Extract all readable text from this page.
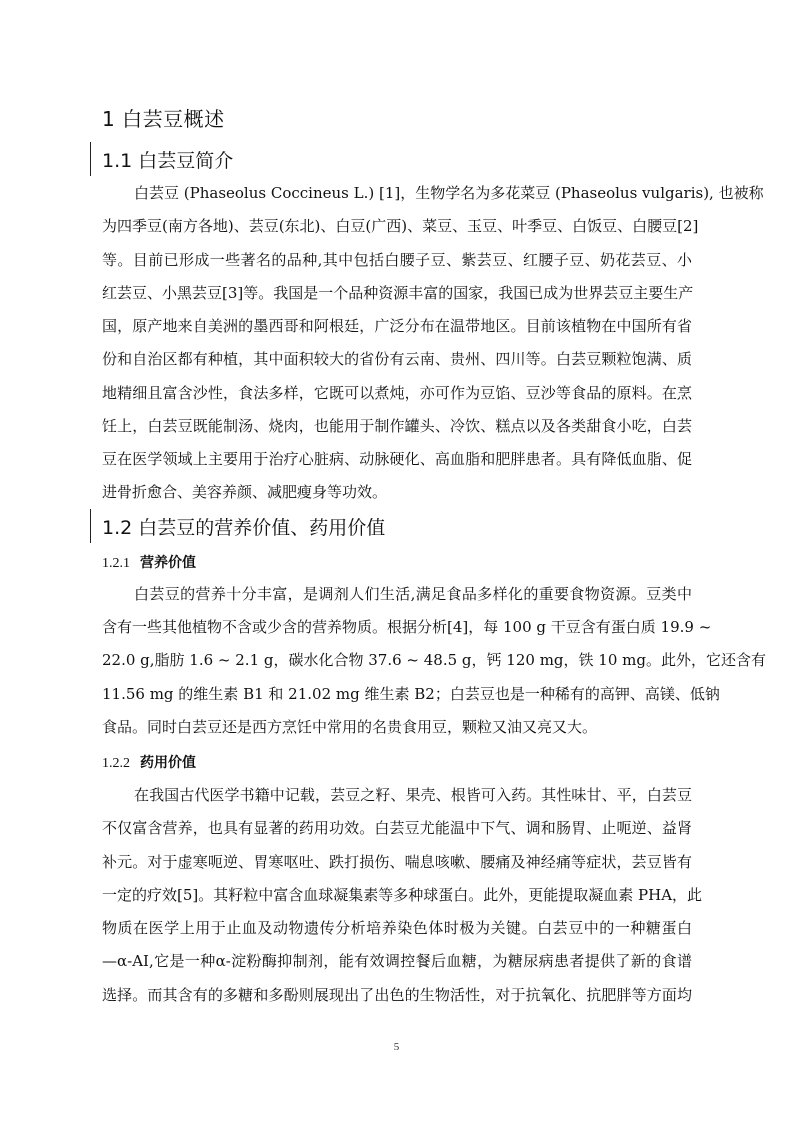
1 白芸豆概述
1.1 白芸豆简介
白芸豆 (Phaseolus Coccineus L.) [1]，生物学名为多花菜豆 (Phaseolus vulgaris), 也被称
为四季豆(南方各地)、芸豆(东北)、白豆(广西)、菜豆、玉豆、叶季豆、白饭豆、白腰豆[2]
等。目前已形成一些著名的品种,其中包括白腰子豆、紫芸豆、红腰子豆、奶花芸豆、小
红芸豆、小黑芸豆[3]等。我国是一个品种资源丰富的国家，我国已成为世界芸豆主要生产
国，原产地来自美洲的墨西哥和阿根廷，广泛分布在温带地区。目前该植物在中国所有省
份和自治区都有种植，其中面积较大的省份有云南、贵州、四川等。白芸豆颗粒饱满、质
地精细且富含沙性，食法多样，它既可以煮炖，亦可作为豆馅、豆沙等食品的原料。在烹
饪上，白芸豆既能制汤、烧肉，也能用于制作罐头、冷饮、糕点以及各类甜食小吃，白芸
豆在医学领域上主要用于治疗心脏病、动脉硬化、高血脂和肥胖患者。具有降低血脂、促
进骨折愈合、美容养颜、减肥瘦身等功效。
1.2 白芸豆的营养价值、药用价值
1.2.1 营养价值
白芸豆的营养十分丰富，是调剂人们生活,满足食品多样化的重要食物资源。豆类中
含有一些其他植物不含或少含的营养物质。根据分析[4]，每 100 g 干豆含有蛋白质 19.9 ~
22.0 g,脂肪 1.6 ~ 2.1 g，碳水化合物 37.6 ~ 48.5 g，钙 120 mg，铁 10 mg。此外，它还含有
11.56 mg 的维生素 B1 和 21.02 mg 维生素 B2；白芸豆也是一种稀有的高钾、高镁、低钠
食品。同时白芸豆还是西方烹饪中常用的名贵食用豆，颗粒又油又亮又大。
1.2.2 药用价值
在我国古代医学书籍中记载，芸豆之籽、果壳、根皆可入药。其性味甘、平，白芸豆
不仅富含营养，也具有显著的药用功效。白芸豆尤能温中下气、调和肠胃、止呃逆、益肾
补元。对于虚寒呃逆、胃寒呕吐、跌打损伤、喘息咳嗽、腰痛及神经痛等症状，芸豆皆有
一定的疗效[5]。其籽粒中富含血球凝集素等多种球蛋白。此外，更能提取凝血素 PHA，此
物质在医学上用于止血及动物遗传分析培养染色体时极为关键。白芸豆中的一种糖蛋白
—α-AI,它是一种α-淀粉酶抑制剂，能有效调控餐后血糖，为糖尿病患者提供了新的食谱
选择。而其含有的多糖和多酚则展现出了出色的生物活性，对于抗氧化、抗肥胖等方面均
5
